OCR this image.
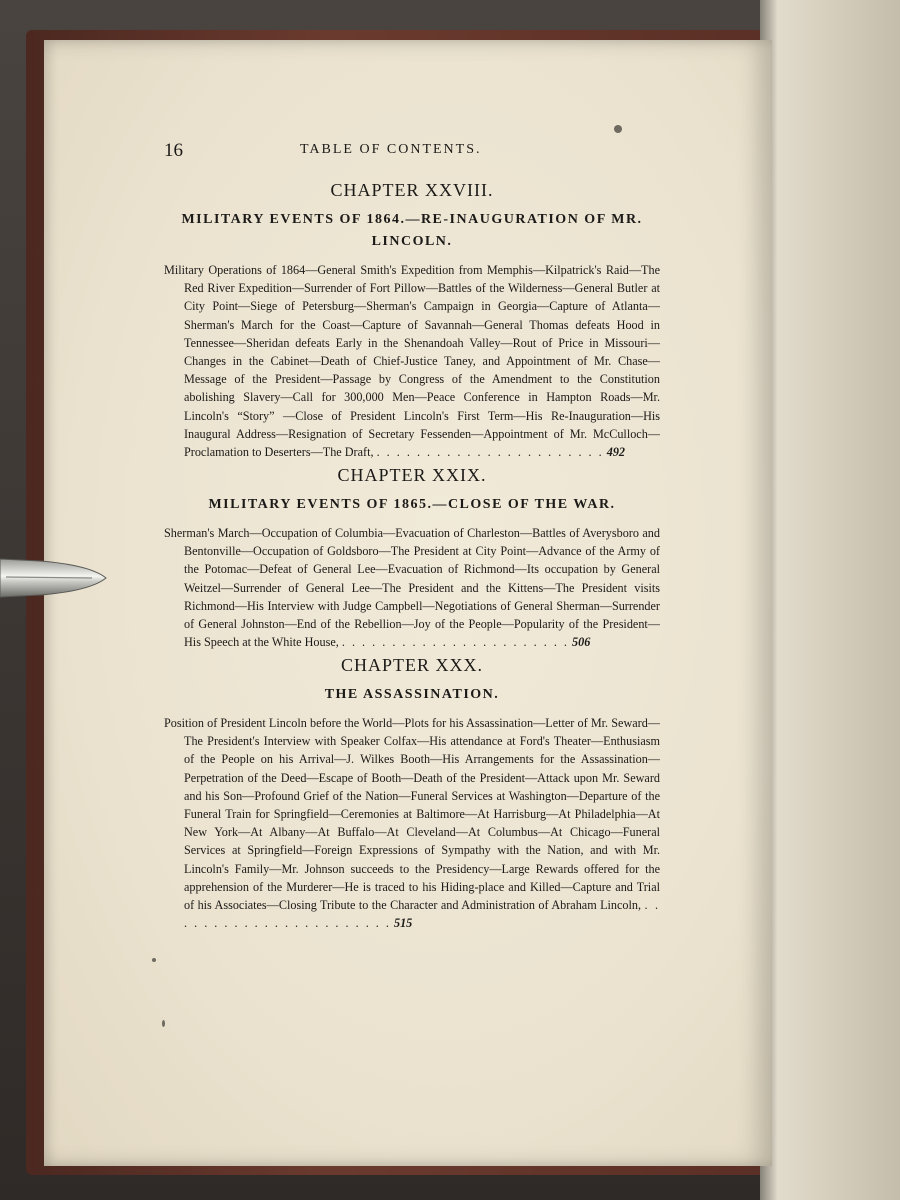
16	TABLE OF CONTENTS.
CHAPTER XXVIII.
MILITARY EVENTS OF 1864.—RE-INAUGURATION OF MR. LINCOLN.

Military Operations of 1864—General Smith's Expedition from Memphis—Kilpatrick's Raid—The Red River Expedition—Surrender of Fort Pillow—Battles of the Wilderness—General Butler at City Point—Siege of Petersburg—Sherman's Campaign in Georgia—Capture of Atlanta—Sherman's March for the Coast—Capture of Savannah—General Thomas defeats Hood in Tennessee—Sheridan defeats Early in the Shenandoah Valley—Rout of Price in Missouri—Changes in the Cabinet—Death of Chief-Justice Taney, and Appointment of Mr. Chase—Message of the President—Passage by Congress of the Amendment to the Constitution abolishing Slavery—Call for 300,000 Men—Peace Conference in Hampton Roads—Mr. Lincoln's “Story” —Close of President Lincoln's First Term—His Re-Inauguration—His Inaugural Address—Resignation of Secretary Fessenden—Appointment of Mr. McCulloch—Proclamation to Deserters—The Draft, . . . . . . . . . . . . . . . . . . . . . . . 492

CHAPTER XXIX.
MILITARY EVENTS OF 1865.—CLOSE OF THE WAR.

Sherman's March—Occupation of Columbia—Evacuation of Charleston—Battles of Averysboro and Bentonville—Occupation of Goldsboro—The President at City Point—Advance of the Army of the Potomac—Defeat of General Lee—Evacuation of Richmond—Its occupation by General Weitzel—Surrender of General Lee—The President and the Kittens—The President visits Richmond—His Interview with Judge Campbell—Negotiations of General Sherman—Surrender of General Johnston—End of the Rebellion—Joy of the People—Popularity of the President—His Speech at the White House, . . . . . . . . . . . . . . . . . . . . . . . 506

CHAPTER XXX.
THE ASSASSINATION.

Position of President Lincoln before the World—Plots for his Assassination—Letter of Mr. Seward—The President's Interview with Speaker Colfax—His attendance at Ford's Theater—Enthusiasm of the People on his Arrival—J. Wilkes Booth—His Arrangements for the Assassination—Perpetration of the Deed—Escape of Booth—Death of the President—Attack upon Mr. Seward and his Son—Profound Grief of the Nation—Funeral Services at Washington—Departure of the Funeral Train for Springfield—Ceremonies at Baltimore—At Harrisburg—At Philadelphia—At New York—At Albany—At Buffalo—At Cleveland—At Columbus—At Chicago—Funeral Services at Springfield—Foreign Expressions of Sympathy with the Nation, and with Mr. Lincoln's Family—Mr. Johnson succeeds to the Presidency—Large Rewards offered for the apprehension of the Murderer—He is traced to his Hiding-place and Killed—Capture and Trial of his Associates—Closing Tribute to the Character and Administration of Abraham Lincoln, . . . . . . . . . . . . . . . . . . . . . . . 515
